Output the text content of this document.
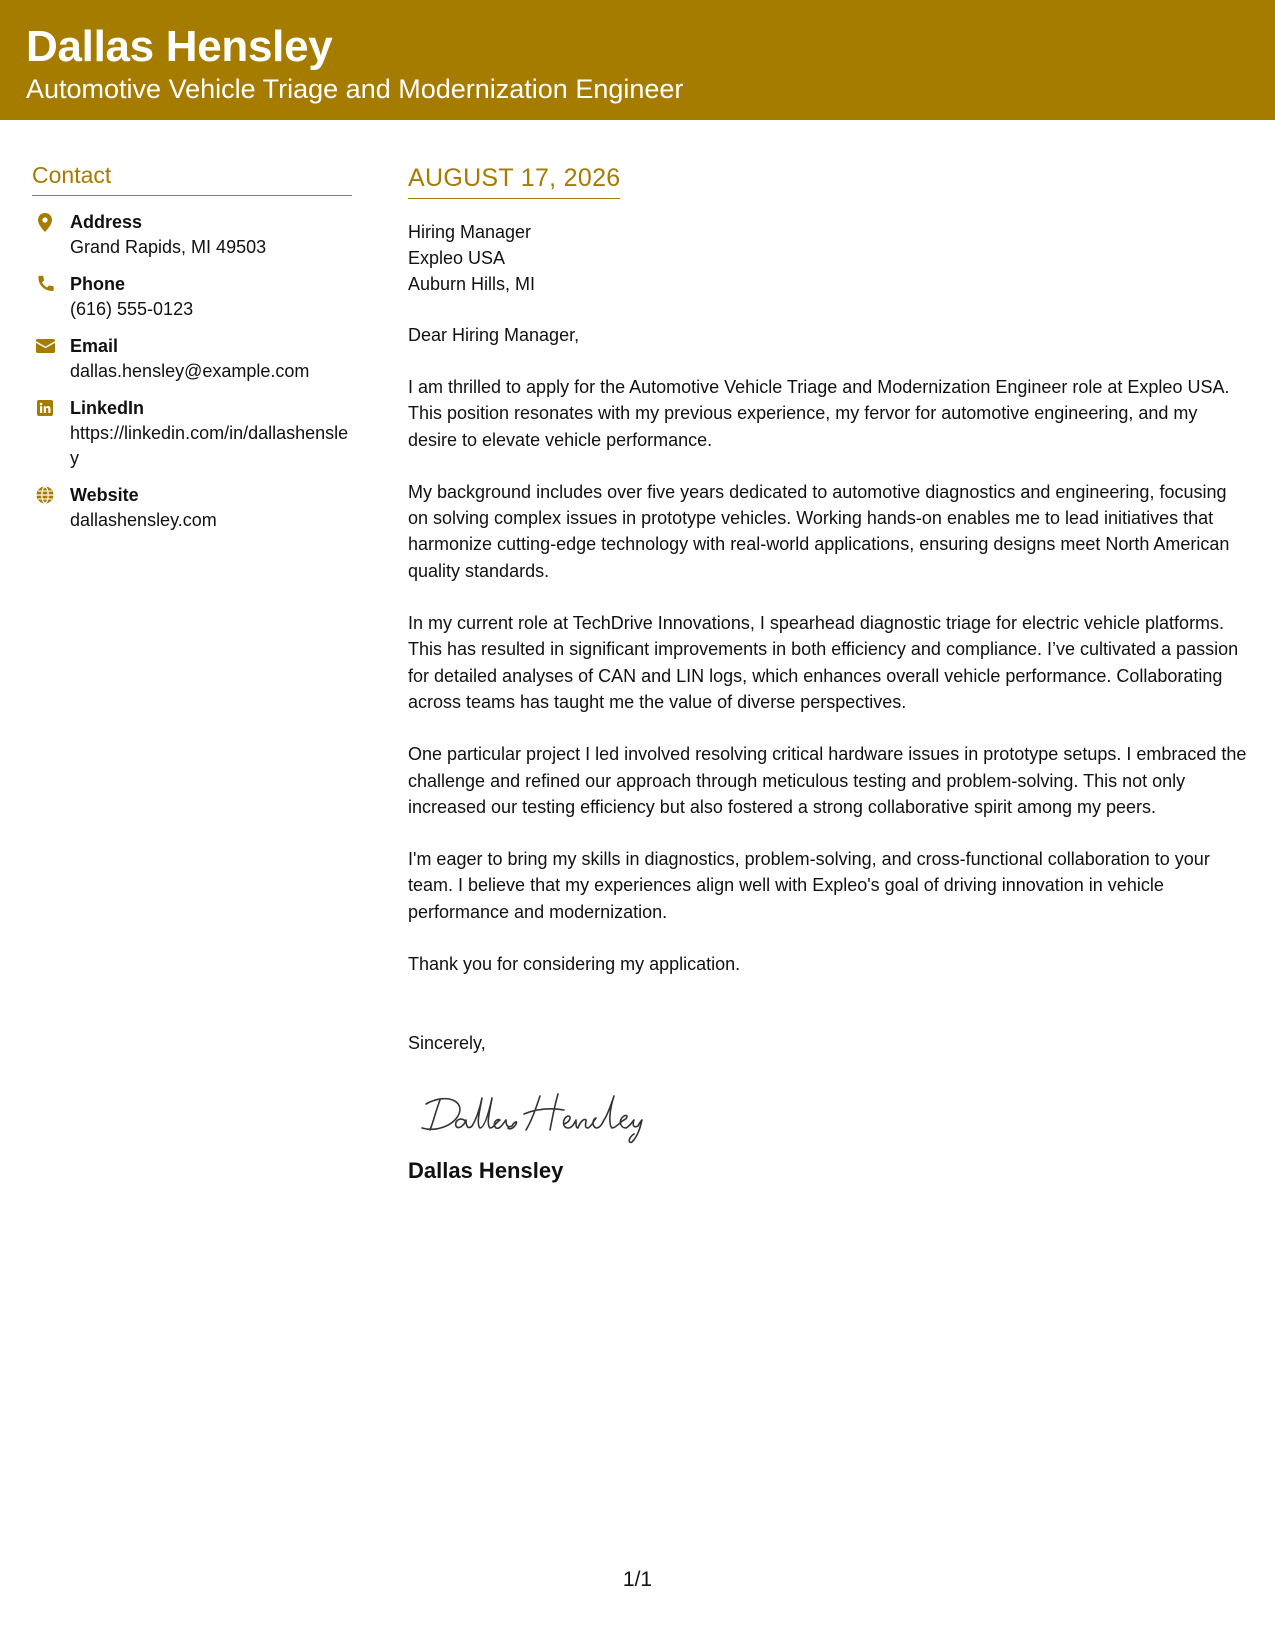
Dallas Hensley
Automotive Vehicle Triage and Modernization Engineer
Contact
Address
Grand Rapids, MI 49503
Phone
(616) 555-0123
Email
dallas.hensley@example.com
LinkedIn
https://linkedin.com/in/dallashensley
Website
dallashensley.com
AUGUST 17, 2026
Hiring Manager
Expleo USA
Auburn Hills, MI
Dear Hiring Manager,
I am thrilled to apply for the Automotive Vehicle Triage and Modernization Engineer role at Expleo USA. This position resonates with my previous experience, my fervor for automotive engineering, and my desire to elevate vehicle performance.
My background includes over five years dedicated to automotive diagnostics and engineering, focusing on solving complex issues in prototype vehicles. Working hands-on enables me to lead initiatives that harmonize cutting-edge technology with real-world applications, ensuring designs meet North American quality standards.
In my current role at TechDrive Innovations, I spearhead diagnostic triage for electric vehicle platforms. This has resulted in significant improvements in both efficiency and compliance. I’ve cultivated a passion for detailed analyses of CAN and LIN logs, which enhances overall vehicle performance. Collaborating across teams has taught me the value of diverse perspectives.
One particular project I led involved resolving critical hardware issues in prototype setups. I embraced the challenge and refined our approach through meticulous testing and problem-solving. This not only increased our testing efficiency but also fostered a strong collaborative spirit among my peers.
I'm eager to bring my skills in diagnostics, problem-solving, and cross-functional collaboration to your team. I believe that my experiences align well with Expleo's goal of driving innovation in vehicle performance and modernization.
Thank you for considering my application.
Sincerely,
Dallas Hensley
1/1
